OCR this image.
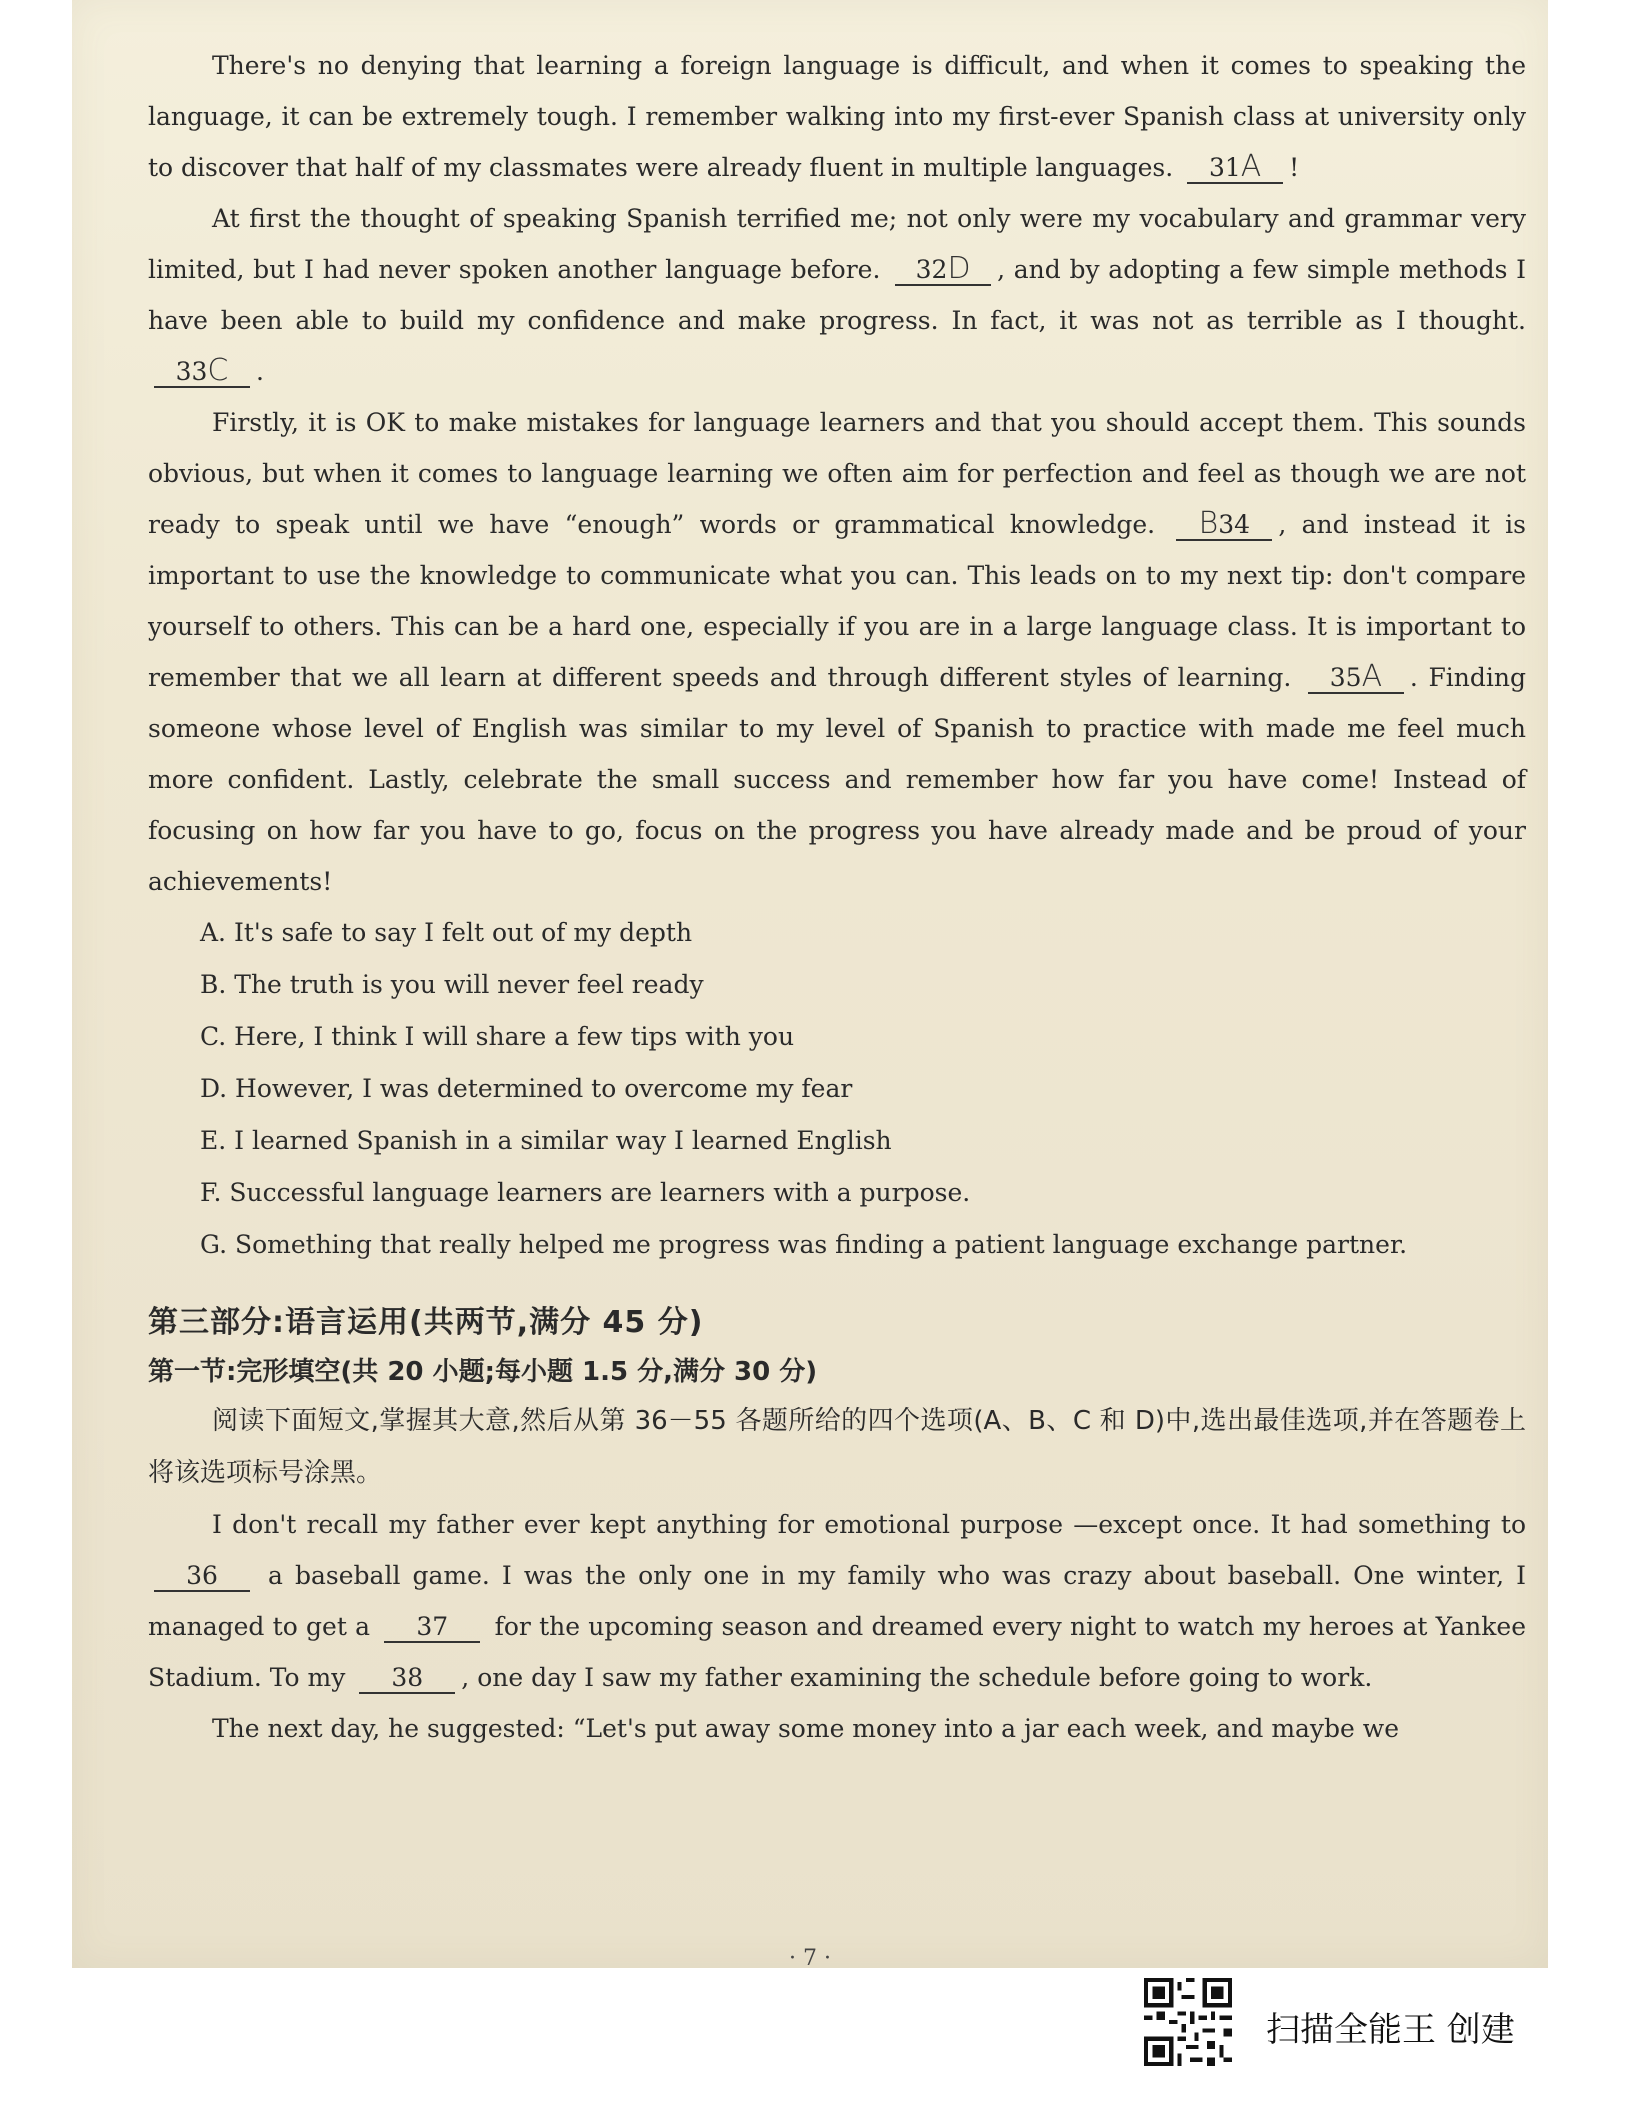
There's no denying that learning a foreign language is difficult, and when it comes to speaking the language, it can be extremely tough. I remember walking into my first-ever Spanish class at university only to discover that half of my classmates were already fluent in multiple languages. 31A !

At first the thought of speaking Spanish terrified me; not only were my vocabulary and grammar very limited, but I had never spoken another language before. 32D , and by adopting a few simple methods I have been able to build my confidence and make progress. In fact, it was not as terrible as I thought. 33C .

Firstly, it is OK to make mistakes for language learners and that you should accept them. This sounds obvious, but when it comes to language learning we often aim for perfection and feel as though we are not ready to speak until we have “enough” words or grammatical knowledge. B34 , and instead it is important to use the knowledge to communicate what you can. This leads on to my next tip: don't compare yourself to others. This can be a hard one, especially if you are in a large language class. It is important to remember that we all learn at different speeds and through different styles of learning. 35A . Finding someone whose level of English was similar to my level of Spanish to practice with made me feel much more confident. Lastly, celebrate the small success and remember how far you have come! Instead of focusing on how far you have to go, focus on the progress you have already made and be proud of your achievements!

A. It's safe to say I felt out of my depth
B. The truth is you will never feel ready
C. Here, I think I will share a few tips with you
D. However, I was determined to overcome my fear
E. I learned Spanish in a similar way I learned English
F. Successful language learners are learners with a purpose.
G. Something that really helped me progress was finding a patient language exchange partner.
第三部分:语言运用(共两节,满分 45 分)
第一节:完形填空(共 20 小题;每小题 1.5 分,满分 30 分)

阅读下面短文,掌握其大意,然后从第 36－55 各题所给的四个选项(A、B、C 和 D)中,选出最佳选项,并在答题卷上将该选项标号涂黑。

I don't recall my father ever kept anything for emotional purpose —except once. It had something to 36 a baseball game. I was the only one in my family who was crazy about baseball. One winter, I managed to get a 37 for the upcoming season and dreamed every night to watch my heroes at Yankee Stadium. To my 38 , one day I saw my father examining the schedule before going to work.

The next day, he suggested: “Let's put away some money into a jar each week, and maybe we

· 7 ·
扫描全能王 创建
